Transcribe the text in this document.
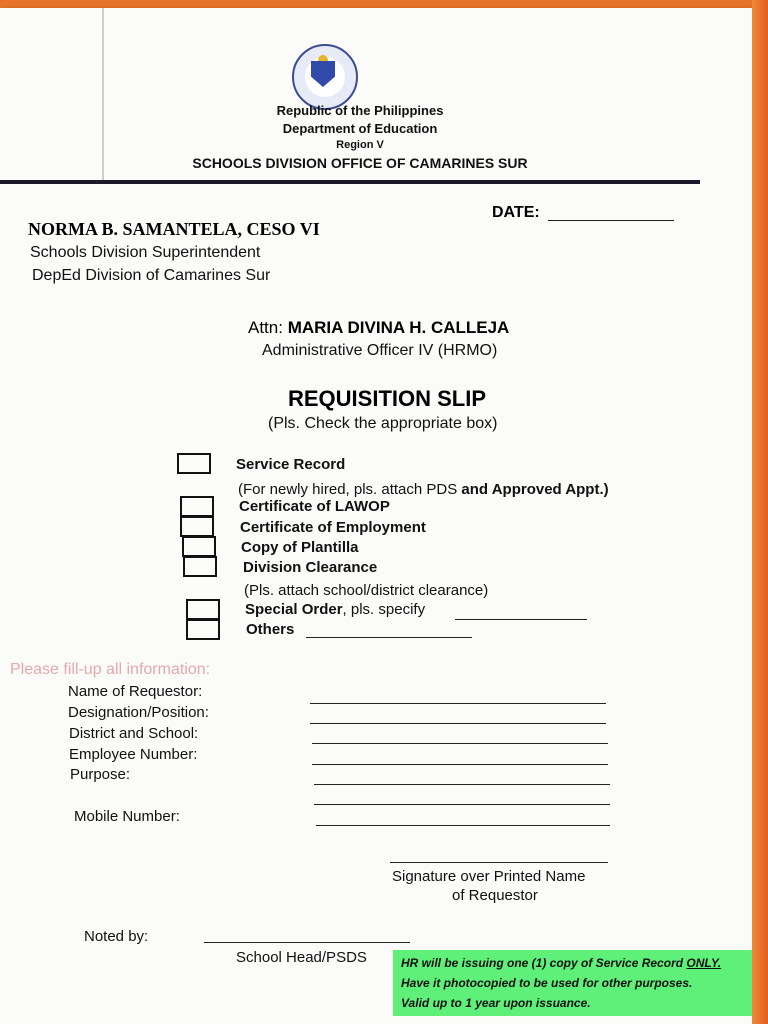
Republic of the Philippines
Department of Education
Region V
SCHOOLS DIVISION OFFICE OF CAMARINES SUR
DATE:
NORMA B. SAMANTELA, CESO VI
Schools Division Superintendent
DepEd Division of Camarines Sur
Attn: MARIA DIVINA H. CALLEJA
Administrative Officer IV (HRMO)
REQUISITION SLIP
(Pls. Check the appropriate box)
Service Record
(For newly hired, pls. attach PDS and Approved Appt.)
Certificate of LAWOP
Certificate of Employment
Copy of Plantilla
Division Clearance
(Pls. attach school/district clearance)
Special Order, pls. specify
Others
Please fill-up all information:
Name of Requestor:
Designation/Position:
District and School:
Employee Number:
Purpose:
Mobile Number:
Signature over Printed Name
of Requestor
Noted by:
School Head/PSDS	HR will be issuing one (1) copy of Service Record ONLY.
Have it photocopied to be used for other purposes.
Valid up to 1 year upon issuance.
